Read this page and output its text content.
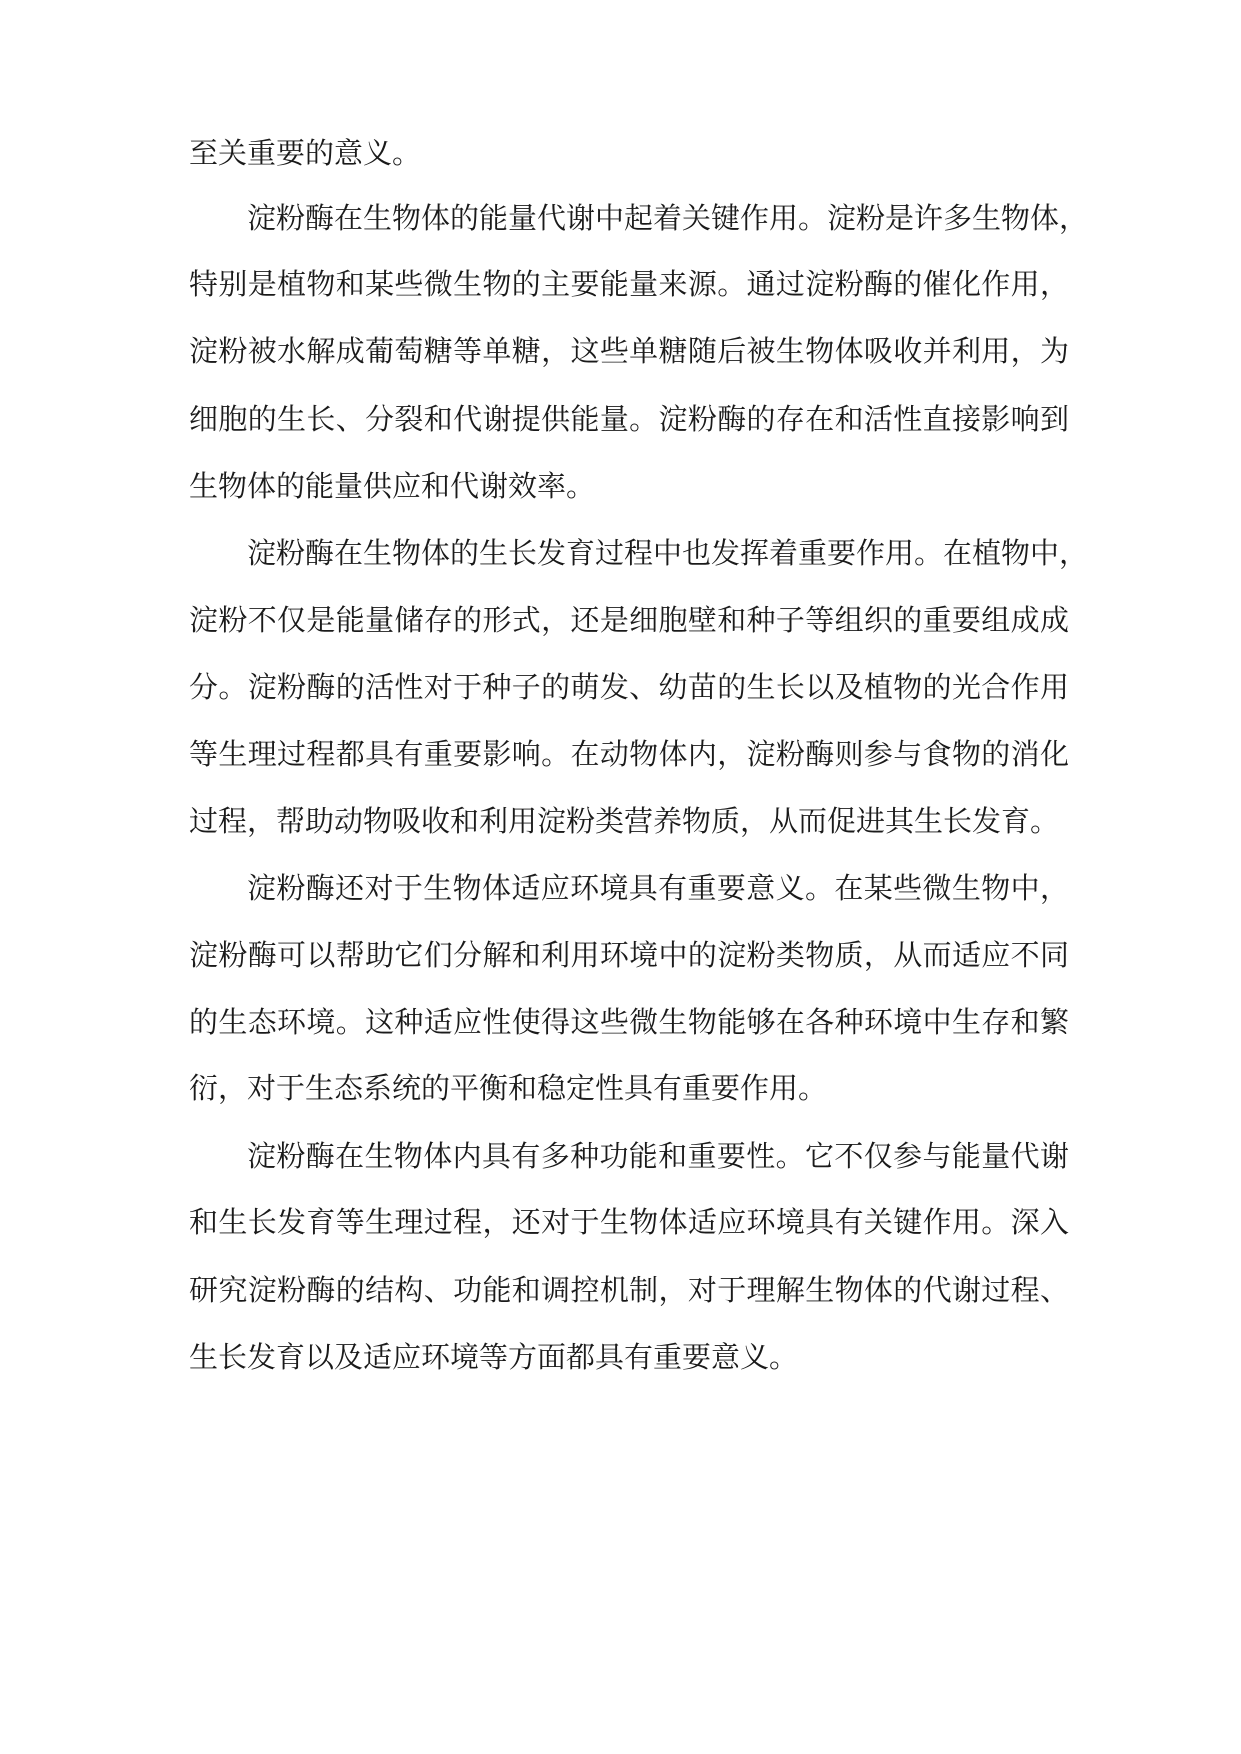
至关重要的意义。
淀粉酶在生物体的能量代谢中起着关键作用。淀粉是许多生物体，
特别是植物和某些微生物的主要能量来源。通过淀粉酶的催化作用，
淀粉被水解成葡萄糖等单糖，这些单糖随后被生物体吸收并利用，为
细胞的生长、分裂和代谢提供能量。淀粉酶的存在和活性直接影响到
生物体的能量供应和代谢效率。
淀粉酶在生物体的生长发育过程中也发挥着重要作用。在植物中，
淀粉不仅是能量储存的形式，还是细胞壁和种子等组织的重要组成成
分。淀粉酶的活性对于种子的萌发、幼苗的生长以及植物的光合作用
等生理过程都具有重要影响。在动物体内，淀粉酶则参与食物的消化
过程，帮助动物吸收和利用淀粉类营养物质，从而促进其生长发育。
淀粉酶还对于生物体适应环境具有重要意义。在某些微生物中，
淀粉酶可以帮助它们分解和利用环境中的淀粉类物质，从而适应不同
的生态环境。这种适应性使得这些微生物能够在各种环境中生存和繁
衍，对于生态系统的平衡和稳定性具有重要作用。
淀粉酶在生物体内具有多种功能和重要性。它不仅参与能量代谢
和生长发育等生理过程，还对于生物体适应环境具有关键作用。深入
研究淀粉酶的结构、功能和调控机制，对于理解生物体的代谢过程、
生长发育以及适应环境等方面都具有重要意义。
